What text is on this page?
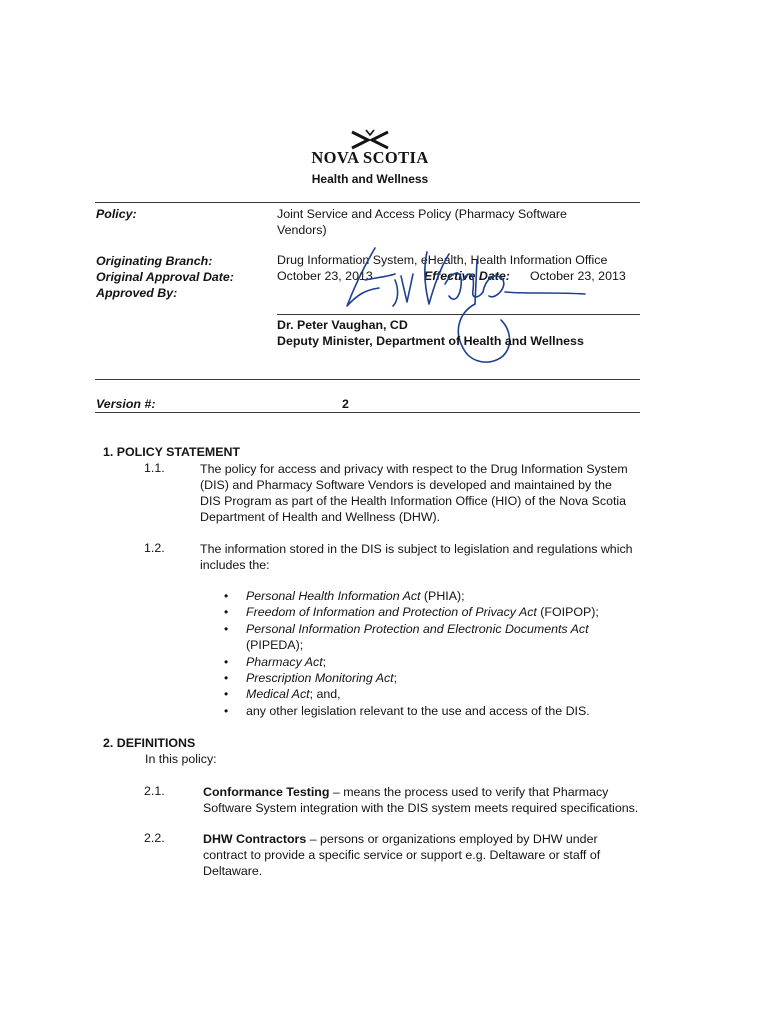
NOVA SCOTIA
Health and Wellness
Policy:	Joint Service and Access Policy (Pharmacy Software
Vendors)
Originating Branch:	Drug Information System, eHealth, Health Information Office
Original Approval Date:	October 23, 2013	Effective Date: October 23, 2013
Approved By:
Dr. Peter Vaughan, CD
Deputy Minister, Department of Health and Wellness
Version #:	2
1. POLICY STATEMENT
1.1.	The policy for access and privacy with respect to the Drug Information System
(DIS) and Pharmacy Software Vendors is developed and maintained by the
DIS Program as part of the Health Information Office (HIO) of the Nova Scotia
Department of Health and Wellness (DHW).
1.2.	The information stored in the DIS is subject to legislation and regulations which
includes the:
• Personal Health Information Act (PHIA);
• Freedom of Information and Protection of Privacy Act (FOIPOP);
• Personal Information Protection and Electronic Documents Act
(PIPEDA);
• Pharmacy Act;
• Prescription Monitoring Act;
• Medical Act; and,
• any other legislation relevant to the use and access of the DIS.
2. DEFINITIONS
In this policy:
2.1.	Conformance Testing – means the process used to verify that Pharmacy
Software System integration with the DIS system meets required specifications.
2.2.	DHW Contractors – persons or organizations employed by DHW under
contract to provide a specific service or support e.g. Deltaware or staff of
Deltaware.
